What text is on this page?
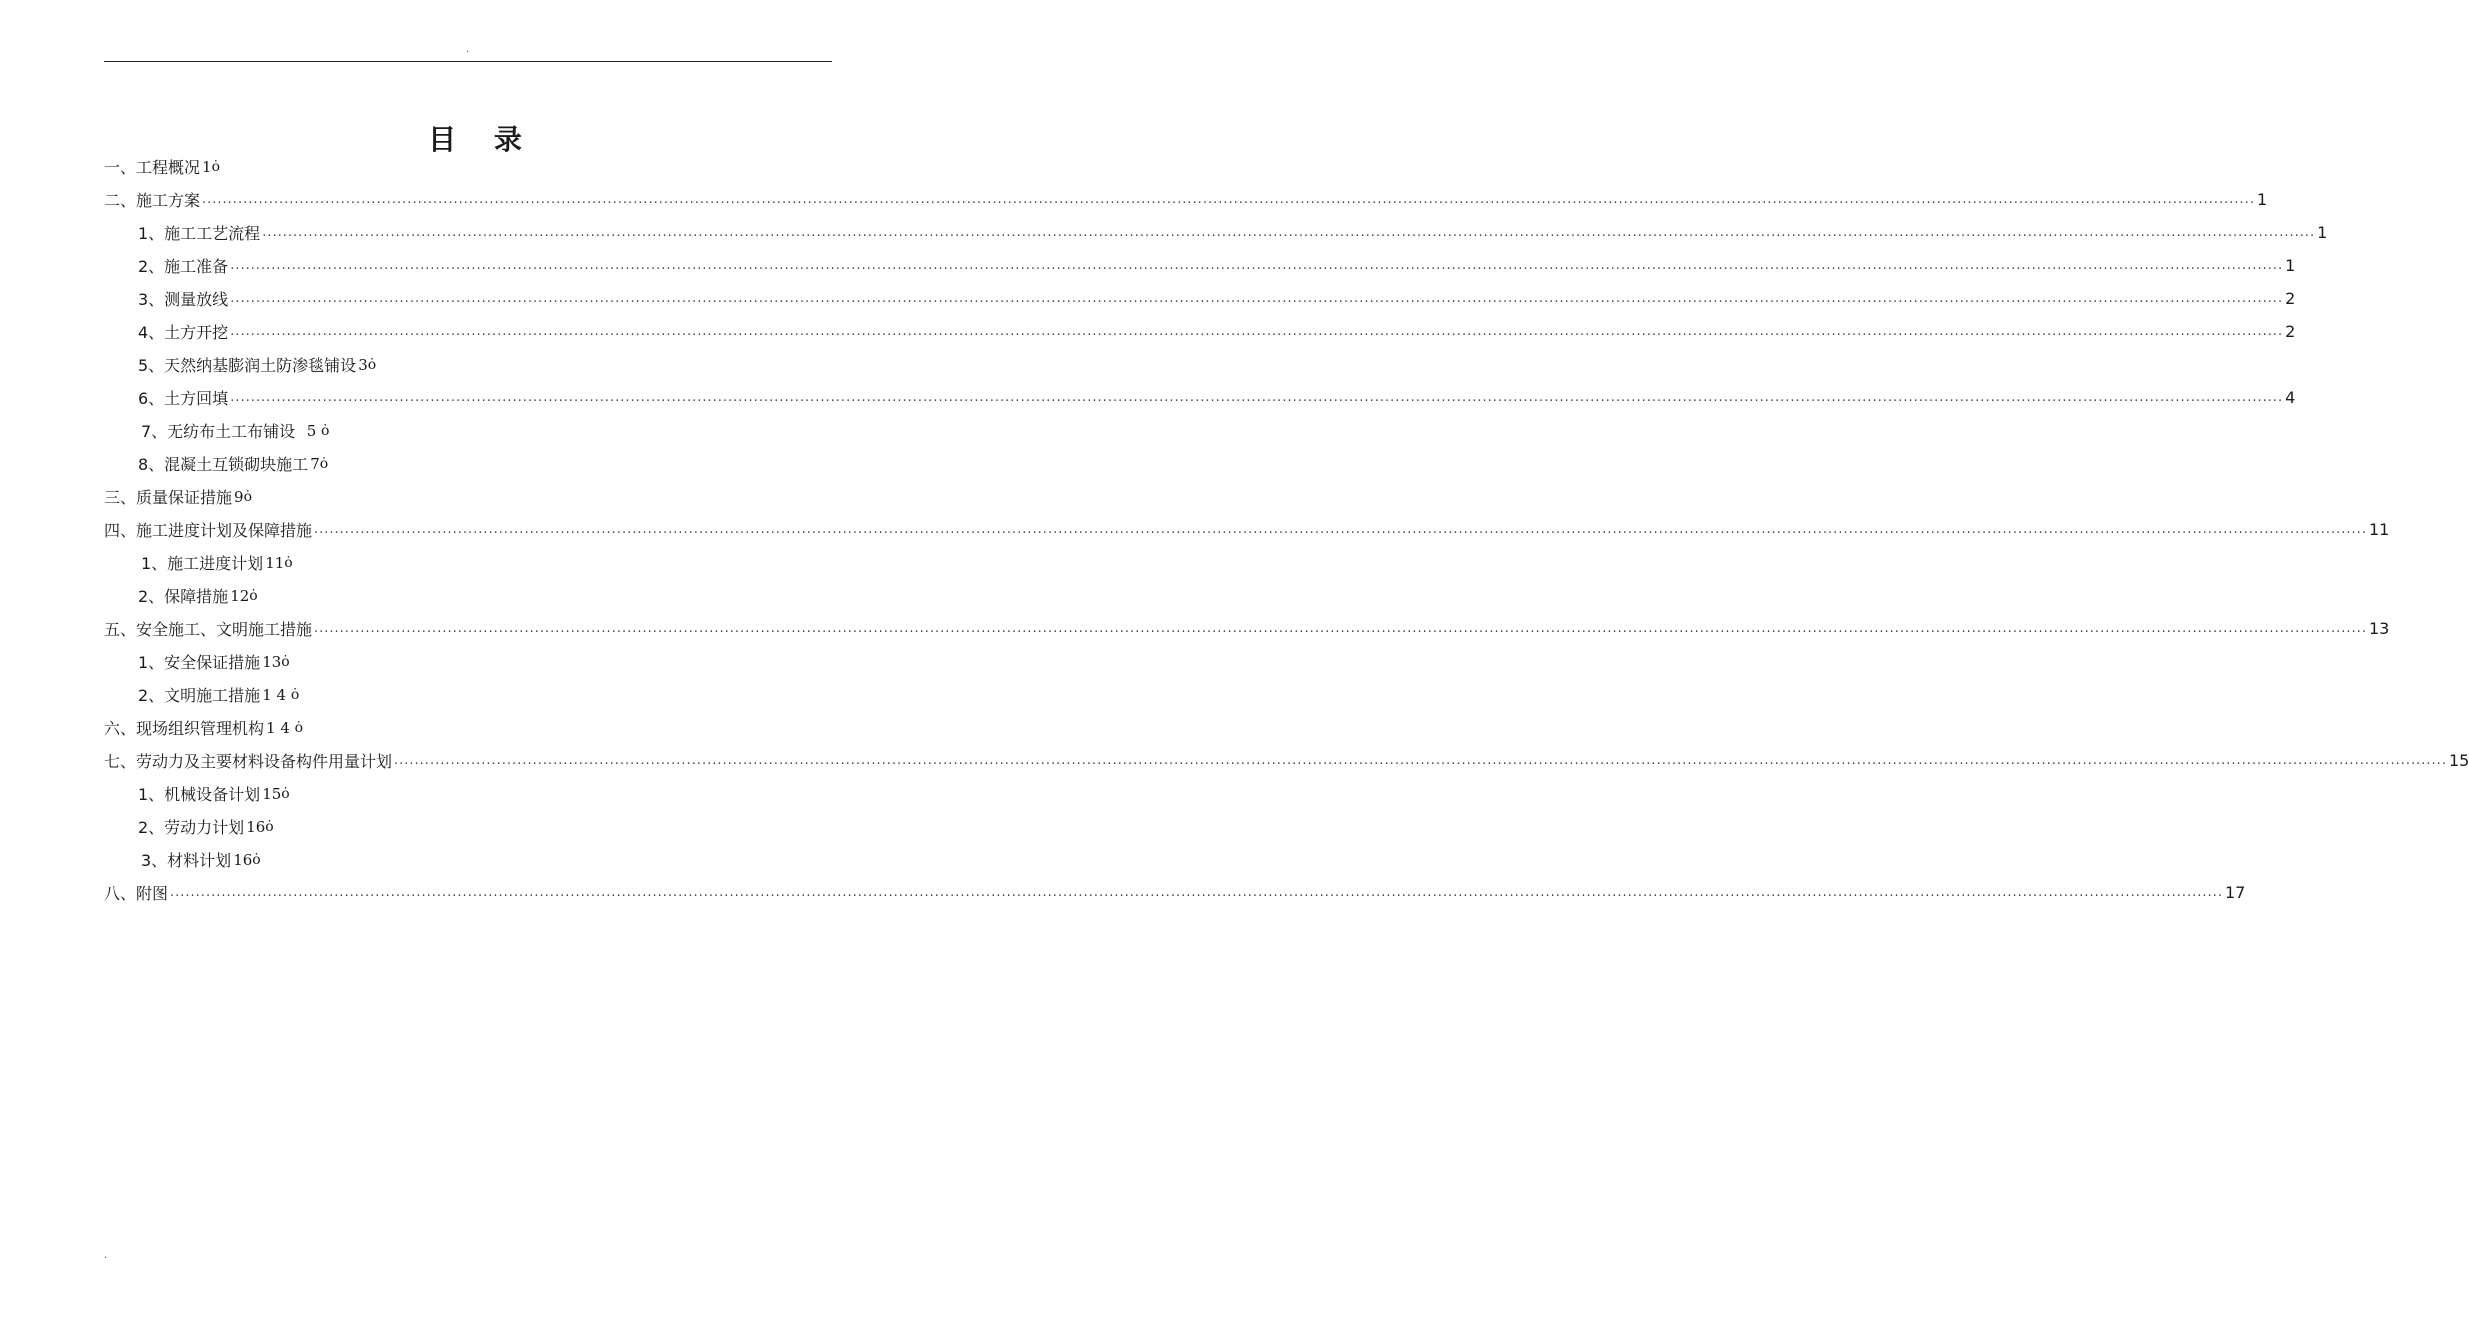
.
目 录
一、工程概况 1 ȯ
二、施工方案 ................................................................................................................................................................................................................................................................................................................................................................................................................ 1
1、施工工艺流程 ................................................................................................................................................................................................................................................................................................................................................................................................................ 1
2、施工准备 ................................................................................................................................................................................................................................................................................................................................................................................................................ 1
3、测量放线 ................................................................................................................................................................................................................................................................................................................................................................................................................ 2
4、土方开挖 ................................................................................................................................................................................................................................................................................................................................................................................................................ 2
5、天然纳基膨润土防渗毯铺设 3 ȯ
6、土方回填 ................................................................................................................................................................................................................................................................................................................................................................................................................ 4
7、无纺布土工布铺设 5 ȯ
8、混凝土互锁砌块施工 7 ȯ
三、质量保证措施 9 ȯ
四、施工进度计划及保障措施 ................................................................................................................................................................................................................................................................................................................................................................................................................ 11
1、施工进度计划 11 ȯ
2、保障措施 12 ȯ
五、安全施工、文明施工措施 ................................................................................................................................................................................................................................................................................................................................................................................................................ 13
1、安全保证措施 13 ȯ
2、文明施工措施 1 4 ȯ
六、现场组织管理机构 1 4 ȯ
七、劳动力及主要材料设备构件用量计划 ................................................................................................................................................................................................................................................................................................................................................................................................................ 15
1、机械设备计划 15 ȯ
2、劳动力计划 16 ȯ
3、材料计划 16 ȯ
八、附图 ................................................................................................................................................................................................................................................................................................................................................................................................................ 17
.
